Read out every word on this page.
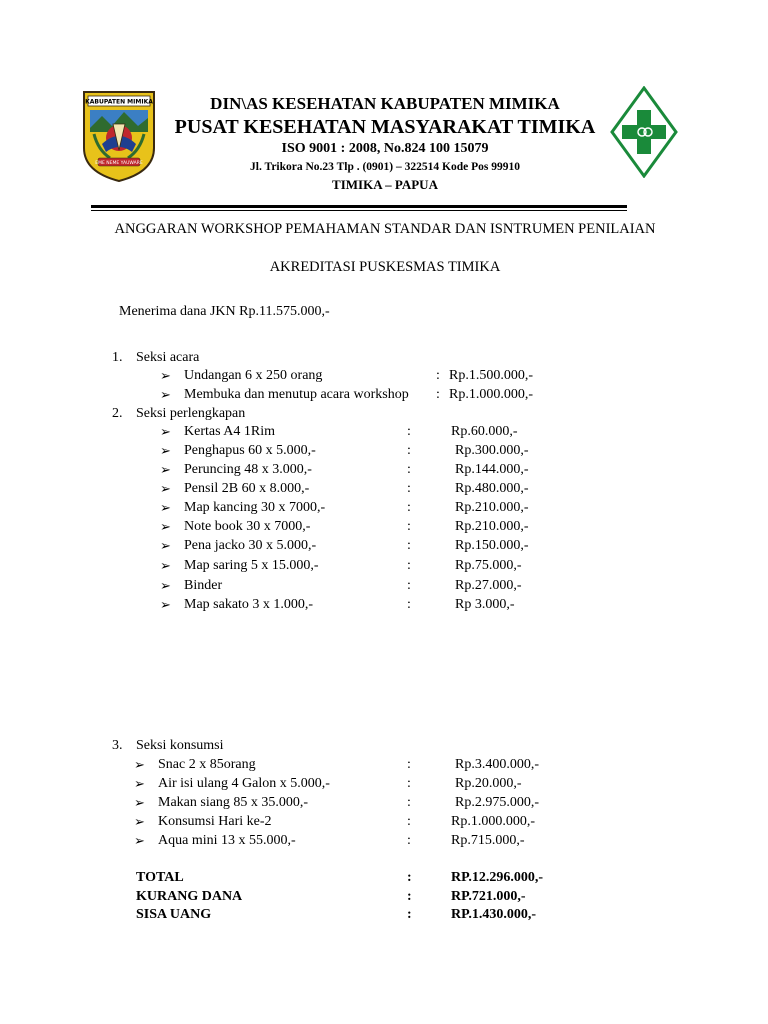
KABUPATEN MIMIKA
EME NEME YAUWARE
DIN\AS KESEHATAN KABUPATEN MIMIKA
PUSAT KESEHATAN MASYARAKAT TIMIKA
ISO 9001 : 2008, No.824 100 15079
Jl. Trikora No.23 Tlp . (0901) – 322514 Kode Pos 99910
TIMIKA – PAPUA
ANGGARAN WORKSHOP PEMAHAMAN STANDAR DAN ISNTRUMEN PENILAIAN
AKREDITASI PUSKESMAS TIMIKA
Menerima dana JKN Rp.11.575.000,-
1. Seksi acara
➢ Undangan 6 x 250 orang	: Rp.1.500.000,-
➢ Membuka dan menutup acara workshop : Rp.1.000.000,-
2. Seksi perlengkapan
➢ Kertas A4 1Rim	:	Rp.60.000,-
➢ Penghapus 60 x 5.000,-	:	Rp.300.000,-
➢ Peruncing 48 x 3.000,-	:	Rp.144.000,-
➢ Pensil 2B 60 x 8.000,-	:	Rp.480.000,-
➢ Map kancing 30 x 7000,-	:	Rp.210.000,-
➢ Note book 30 x 7000,-	:	Rp.210.000,-
➢ Pena jacko 30 x 5.000,-	:	Rp.150.000,-
➢ Map saring 5 x 15.000,-	:	Rp.75.000,-
➢ Binder	:	Rp.27.000,-
➢ Map sakato 3 x 1.000,-	:	Rp 3.000,-
3. Seksi konsumsi
➢ Snac 2 x 85orang	:	Rp.3.400.000,-
➢ Air isi ulang 4 Galon x 5.000,-	:	Rp.20.000,-
➢ Makan siang 85 x 35.000,-	:	Rp.2.975.000,-
➢ Konsumsi Hari ke-2	:	Rp.1.000.000,-
➢ Aqua mini 13 x 55.000,-	:	Rp.715.000,-
TOTAL	:	RP.12.296.000,-
KURANG DANA	:	RP.721.000,-
SISA UANG	:	RP.1.430.000,-
